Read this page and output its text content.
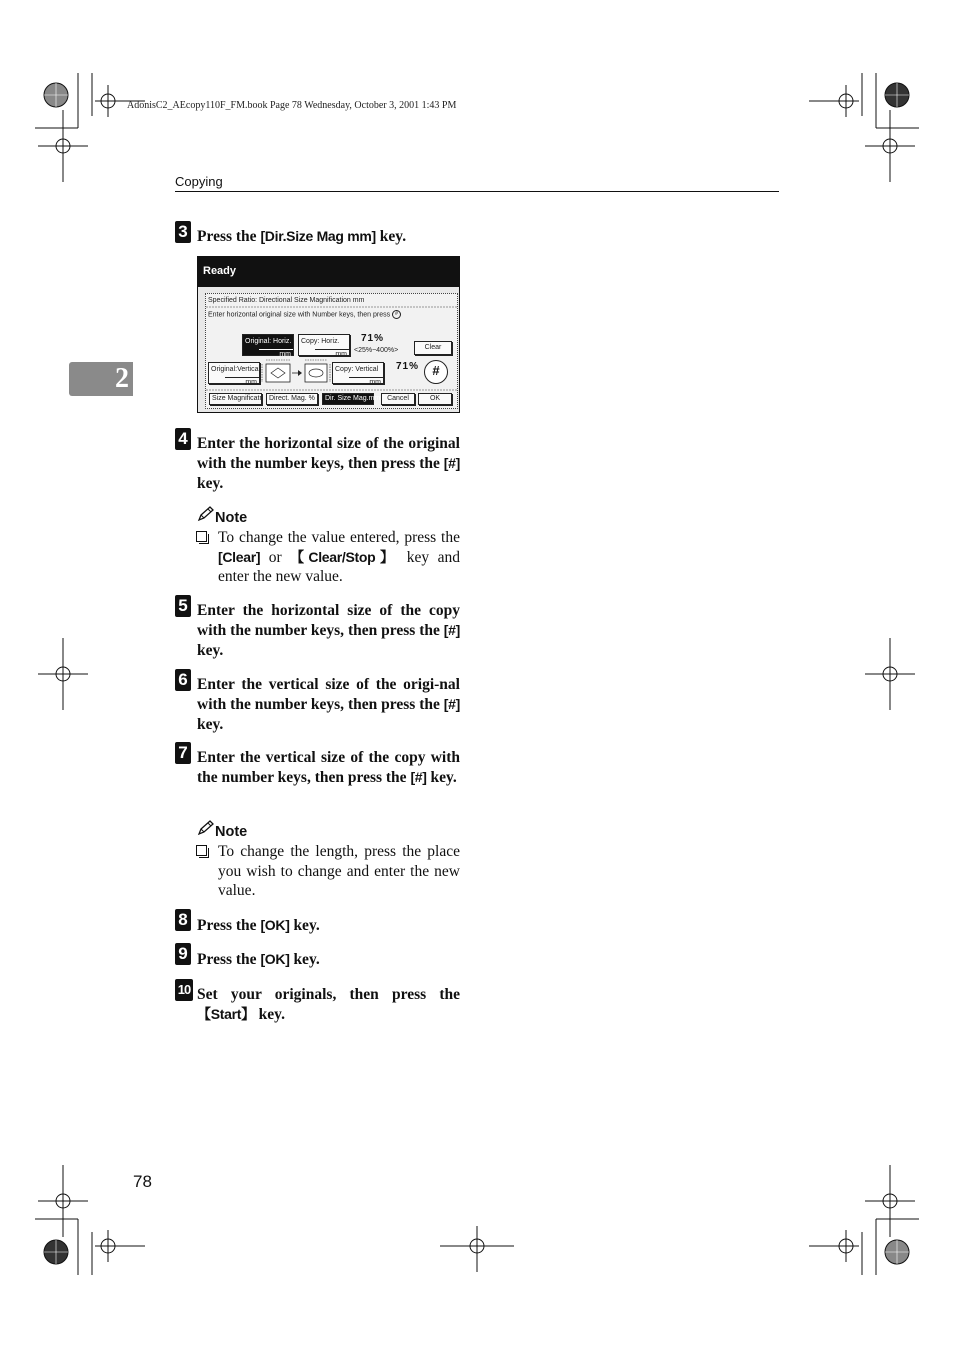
AdonisC2_AEcopy110F_FM.book Page 78 Wednesday, October 3, 2001 1:43 PM
Copying
2
3 Press the [Dir.Size Mag mm] key.
Ready
Specified Ratio: Directional Size Magnification mm
Enter horizontal original size with Number keys, then press #
Original: Horiz.

mm
Copy: Horiz.

mm
71%
<25%~400%>	Clear
Original:Vertical

mm
Copy: Vertical

mm
71%	#
Size Magnificatn Direct. Mag. %	Dir. Size Mag.mm Cancel	OK
4 Enter the horizontal size of the original with the number keys, then press the [#] key.
Note
To change the value entered, press the [Clear] or 【Clear/Stop】 key and enter the new value.
5 Enter the horizontal size of the copy with the number keys, then press the [#] key.
6 Enter the vertical size of the origi-nal with the number keys, then press the [#] key.
7 Enter the vertical size of the copy with the number keys, then press the [#] key.
Note
To change the length, press the place you wish to change and enter the new value.
8 Press the [OK] key.
9 Press the [OK] key.
10 Set your originals, then press the 【Start】 key.
78
